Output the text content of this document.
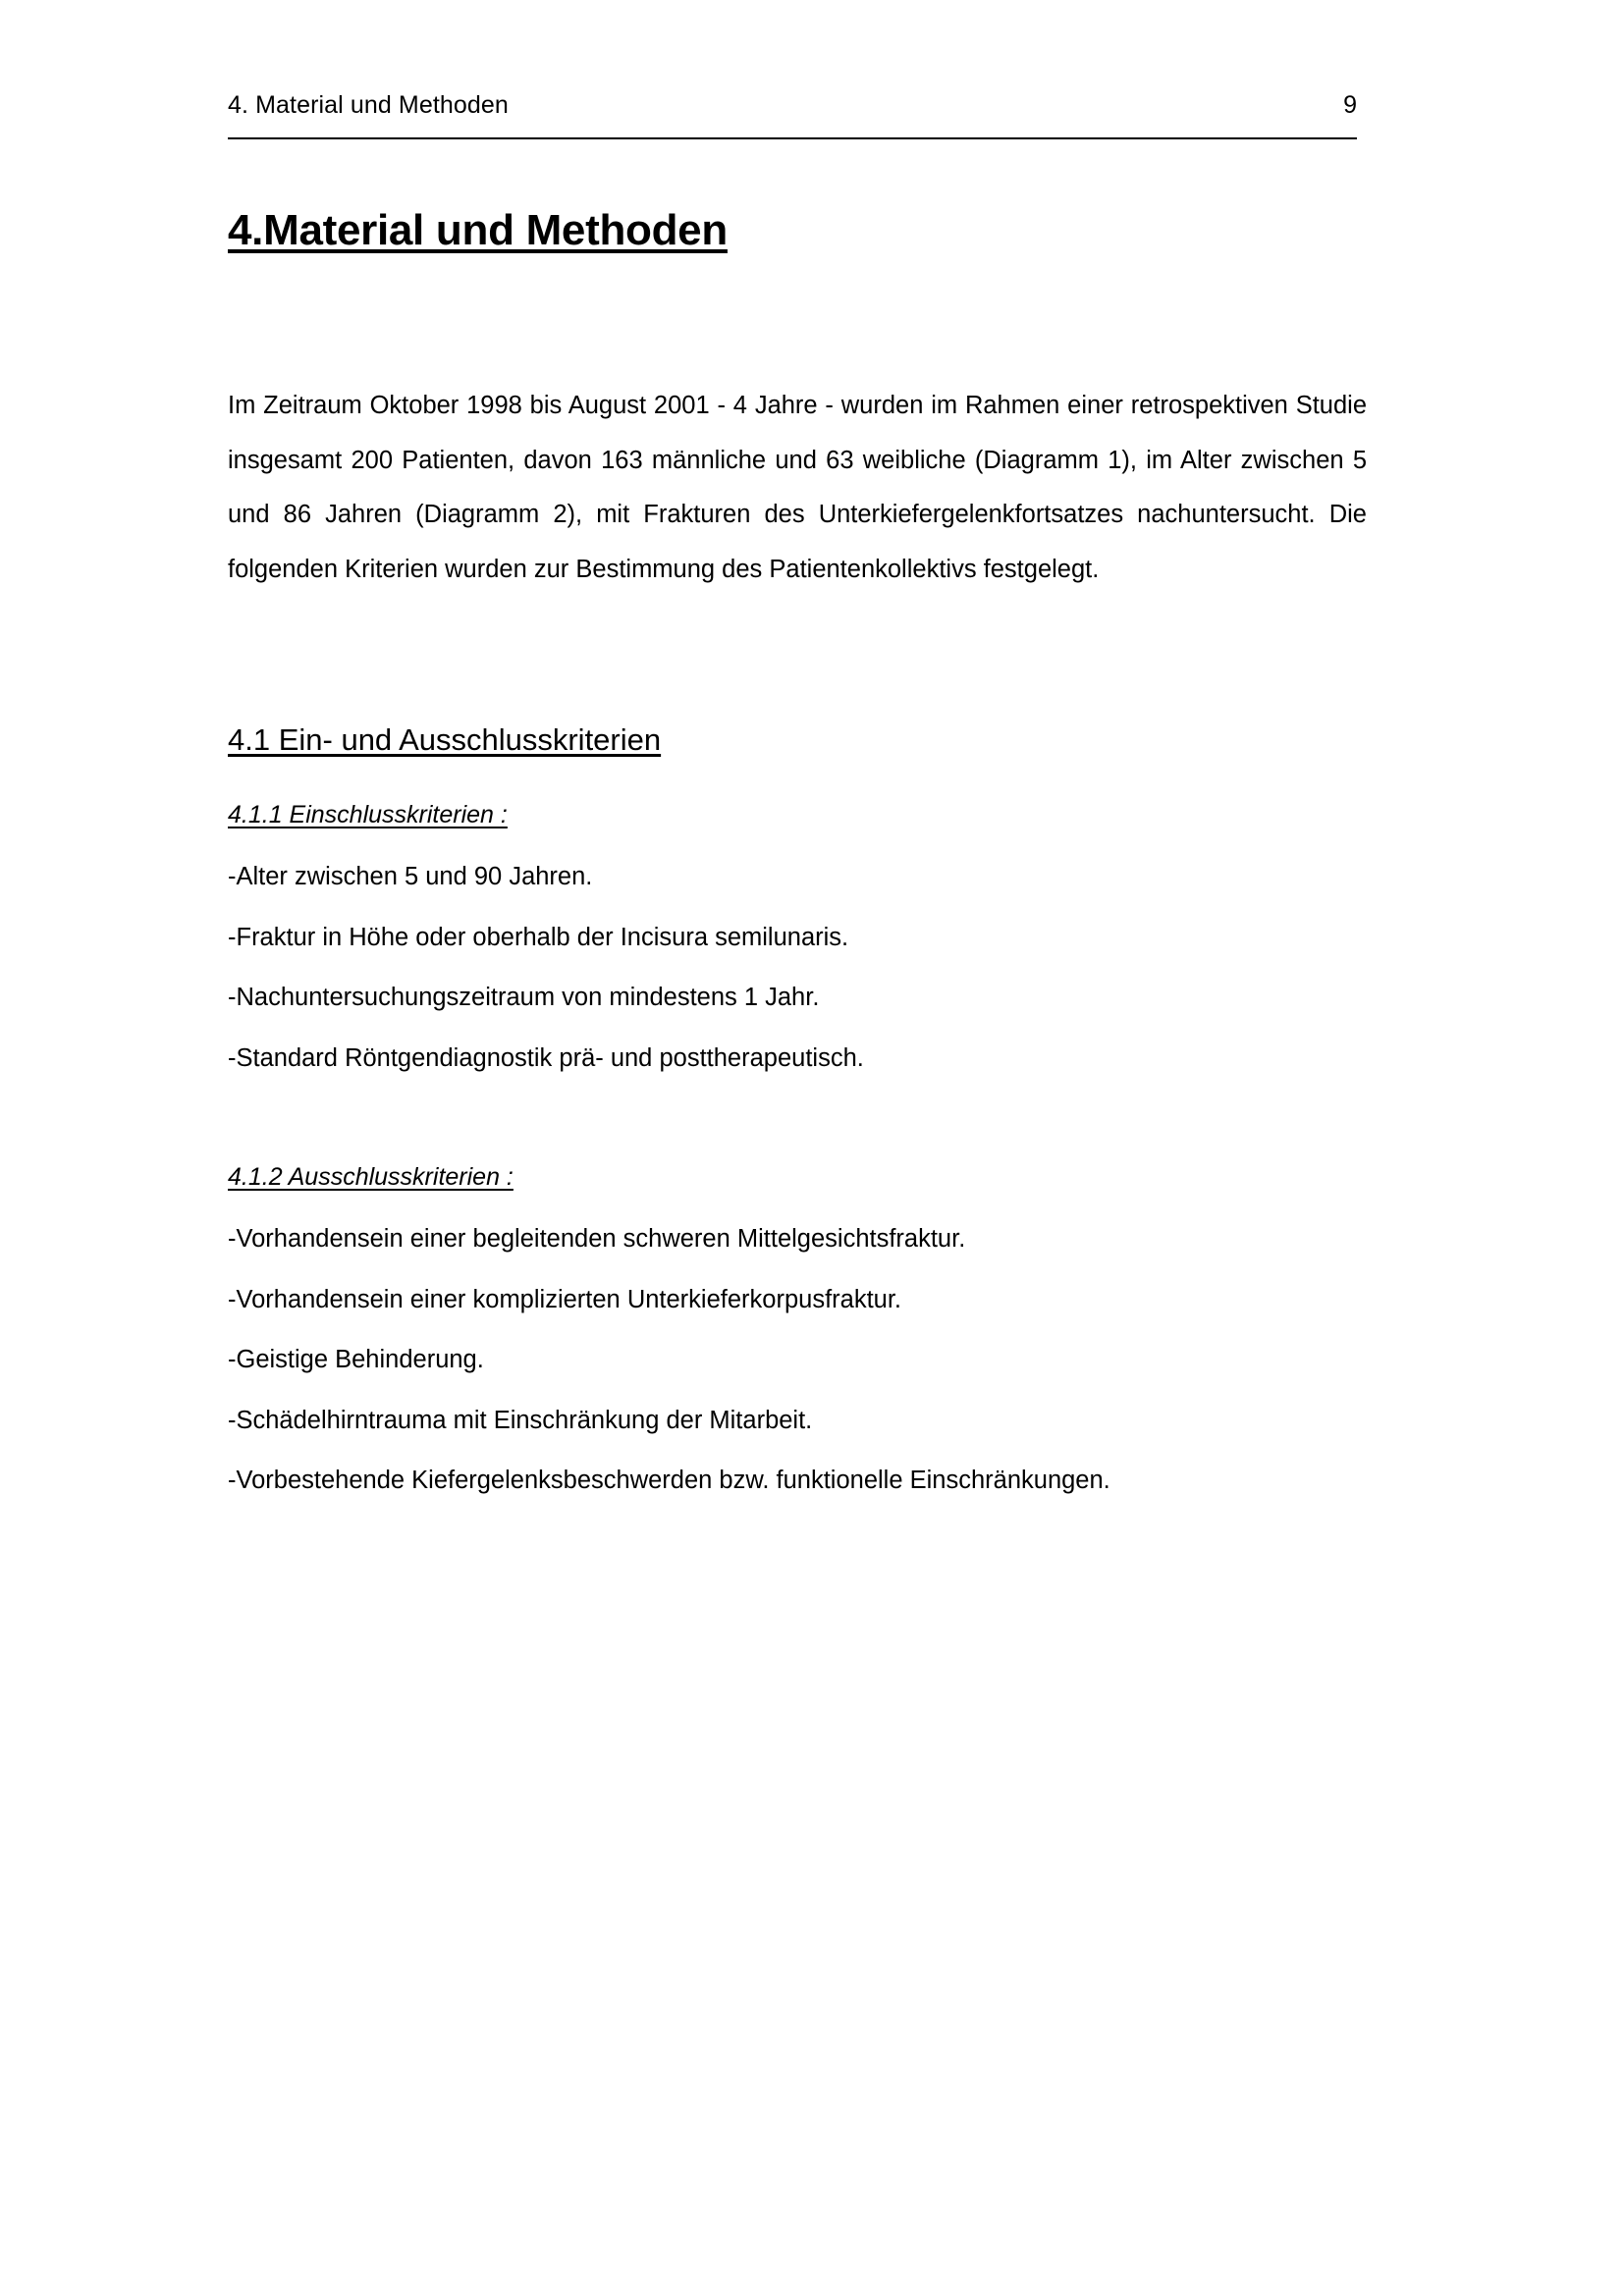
4. Material und Methoden	9
4.Material und Methoden

Im Zeitraum Oktober 1998 bis August 2001 - 4 Jahre - wurden im Rahmen einer retrospektiven Studie insgesamt 200 Patienten, davon 163 männliche und 63 weibliche (Diagramm 1), im Alter zwischen 5 und 86 Jahren (Diagramm 2), mit Frakturen des Unterkiefergelenkfortsatzes nachuntersucht. Die folgenden Kriterien wurden zur Bestimmung des Patientenkollektivs festgelegt.

4.1 Ein- und Ausschlusskriterien
4.1.1 Einschlusskriterien :
-Alter zwischen 5 und 90 Jahren.
-Fraktur in Höhe oder oberhalb der Incisura semilunaris.
-Nachuntersuchungszeitraum von mindestens 1 Jahr.
-Standard Röntgendiagnostik prä- und posttherapeutisch.
4.1.2 Ausschlusskriterien :
-Vorhandensein einer begleitenden schweren Mittelgesichtsfraktur.
-Vorhandensein einer komplizierten Unterkieferkorpusfraktur.
-Geistige Behinderung.
-Schädelhirntrauma mit Einschränkung der Mitarbeit.
-Vorbestehende Kiefergelenksbeschwerden bzw. funktionelle Einschränkungen.
